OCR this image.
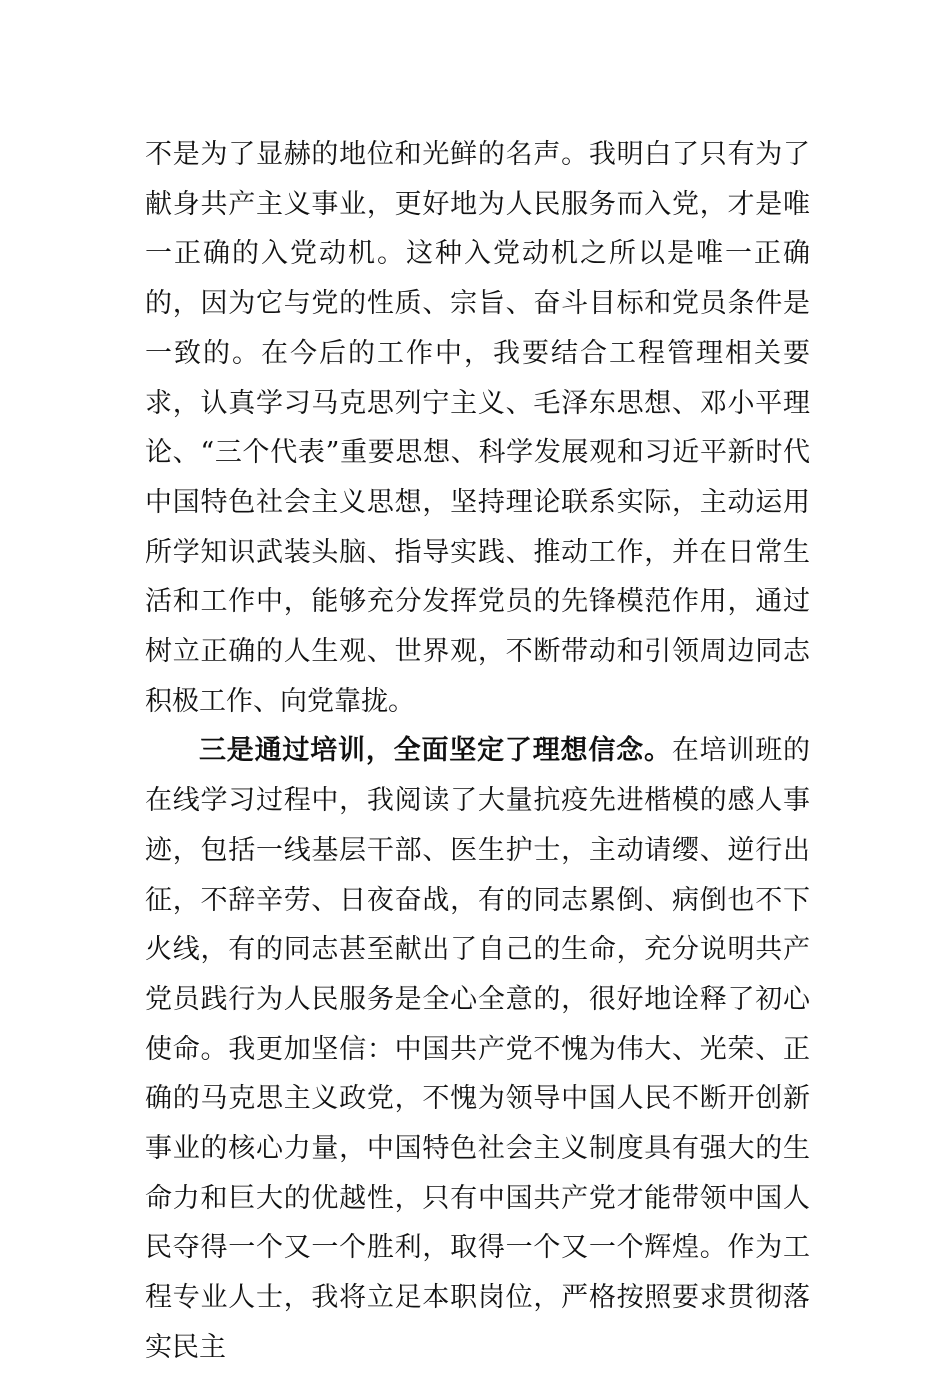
不是为了显赫的地位和光鲜的名声。我明白了只有为了献身共产主义事业，更好地为人民服务而入党，才是唯一正确的入党动机。这种入党动机之所以是唯一正确的，因为它与党的性质、宗旨、奋斗目标和党员条件是一致的。在今后的工作中，我要结合工程管理相关要求，认真学习马克思列宁主义、毛泽东思想、邓小平理论、“三个代表”重要思想、科学发展观和习近平新时代中国特色社会主义思想，坚持理论联系实际，主动运用所学知识武装头脑、指导实践、推动工作，并在日常生活和工作中，能够充分发挥党员的先锋模范作用，通过树立正确的人生观、世界观，不断带动和引领周边同志积极工作、向党靠拢。

三是通过培训，全面坚定了理想信念。在培训班的在线学习过程中，我阅读了大量抗疫先进楷模的感人事迹，包括一线基层干部、医生护士，主动请缨、逆行出征，不辞辛劳、日夜奋战，有的同志累倒、病倒也不下火线，有的同志甚至献出了自己的生命，充分说明共产党员践行为人民服务是全心全意的，很好地诠释了初心使命。我更加坚信：中国共产党不愧为伟大、光荣、正确的马克思主义政党，不愧为领导中国人民不断开创新事业的核心力量，中国特色社会主义制度具有强大的生命力和巨大的优越性，只有中国共产党才能带领中国人民夺得一个又一个胜利，取得一个又一个辉煌。作为工程专业人士，我将立足本职岗位，严格按照要求贯彻落实民主
